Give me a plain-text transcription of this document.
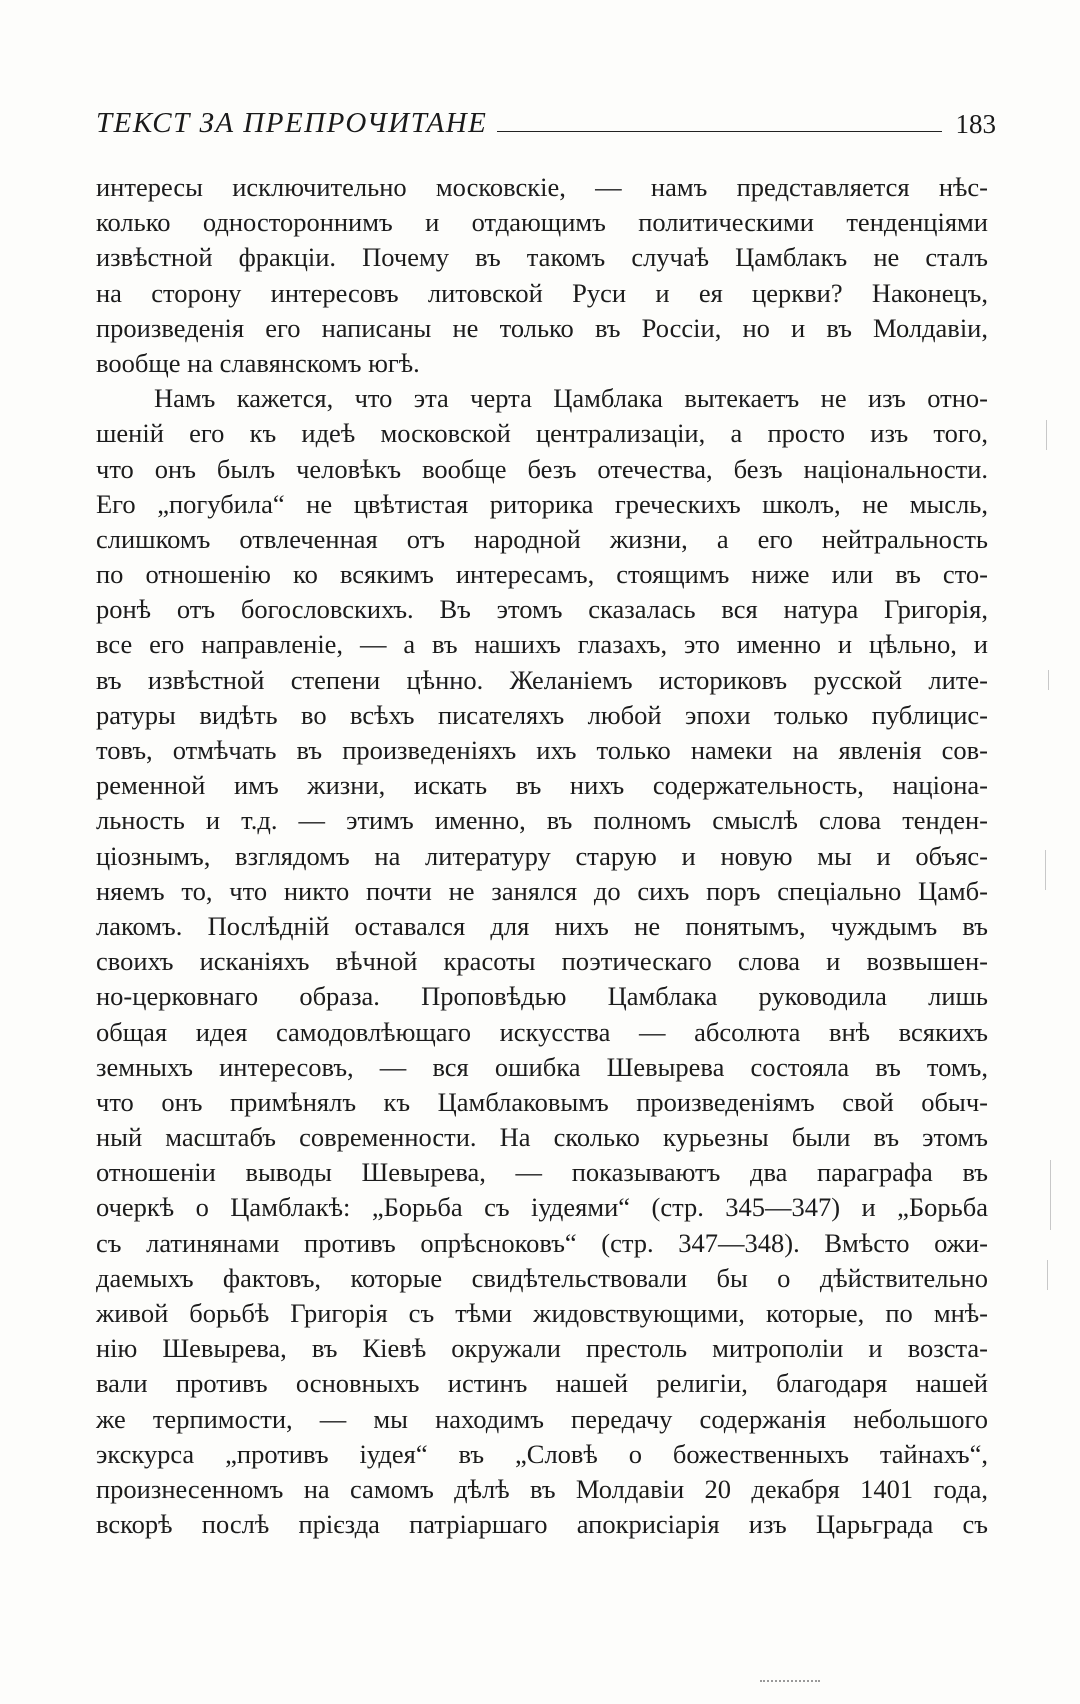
ТЕКСТ ЗА ПРЕПРОЧИТАНЕ	183
интересы исключительно московскіе, — намъ представляется нѣс-
колько одностороннимъ и отдающимъ политическими тенденціями
извѣстной фракціи. Почему въ такомъ случаѣ Цамблакъ не сталъ
на сторону интересовъ литовской Руси и ея церкви? Наконецъ,
произведенія его написаны не только въ Россіи, но и въ Молдавіи,
вообще на славянскомъ югѣ.
Намъ кажется, что эта черта Цамблака вытекаетъ не изъ отно-
шеній его къ идеѣ московской централизаціи, а просто изъ того,
что онъ былъ человѣкъ вообще безъ отечества, безъ національности.
Его „погубила“ не цвѣтистая риторика греческихъ школъ, не мысль,
слишкомъ отвлеченная отъ народной жизни, а его нейтральность
по отношенію ко всякимъ интересамъ, стоящимъ ниже или въ сто-
ронѣ отъ богословскихъ. Въ этомъ сказалась вся натура Григорія,
все его направленіе, — а въ нашихъ глазахъ, это именно и цѣльно, и
въ извѣстной степени цѣнно. Желаніемъ историковъ русской лите-
ратуры видѣть во всѣхъ писателяхъ любой эпохи только публицис-
товъ, отмѣчать въ произведеніяхъ ихъ только намеки на явленія сов-
ременной имъ жизни, искать въ нихъ содержательность, націона-
льность и т.д. — этимъ именно, въ полномъ смыслѣ слова тенден-
ціознымъ, взглядомъ на литературу старую и новую мы и объяс-
няемъ то, что никто почти не занялся до сихъ поръ спеціально Цамб-
лакомъ. Послѣдній оставался для нихъ не понятымъ, чуждымъ въ
своихъ исканіяхъ вѣчной красоты поэтическаго слова и возвышен-
но-церковнаго образа. Проповѣдью Цамблака руководила лишь
общая идея самодовлѣющаго искусства — абсолюта внѣ всякихъ
земныхъ интересовъ, — вся ошибка Шевырева состояла въ томъ,
что онъ примѣнялъ къ Цамблаковымъ произведеніямъ свой обыч-
ный масштабъ современности. На сколько курьезны были въ этомъ
отношеніи выводы Шевырева, — показываютъ два параграфа въ
очеркѣ о Цамблакѣ: „Борьба съ іудеями“ (стр. 345—347) и „Борьба
съ латинянами противъ опрѣсноковъ“ (стр. 347—348). Вмѣсто ожи-
даемыхъ фактовъ, которые свидѣтельствовали бы о дѣйствительно
живой борьбѣ Григорія съ тѣми жидовствующими, которые, по мнѣ-
нію Шевырева, въ Кіевѣ окружали престоль митрополіи и возста-
вали противъ основныхъ истинъ нашей религіи, благодаря нашей
же терпимости, — мы находимъ передачу содержанія небольшого
экскурса „противъ іудея“ въ „Словѣ о божественныхъ тайнахъ“,
произнесенномъ на самомъ дѣлѣ въ Молдавіи 20 декабря 1401 года,
вскорѣ послѣ прієзда патріаршаго апокрисіарія изъ Царьграда съ
